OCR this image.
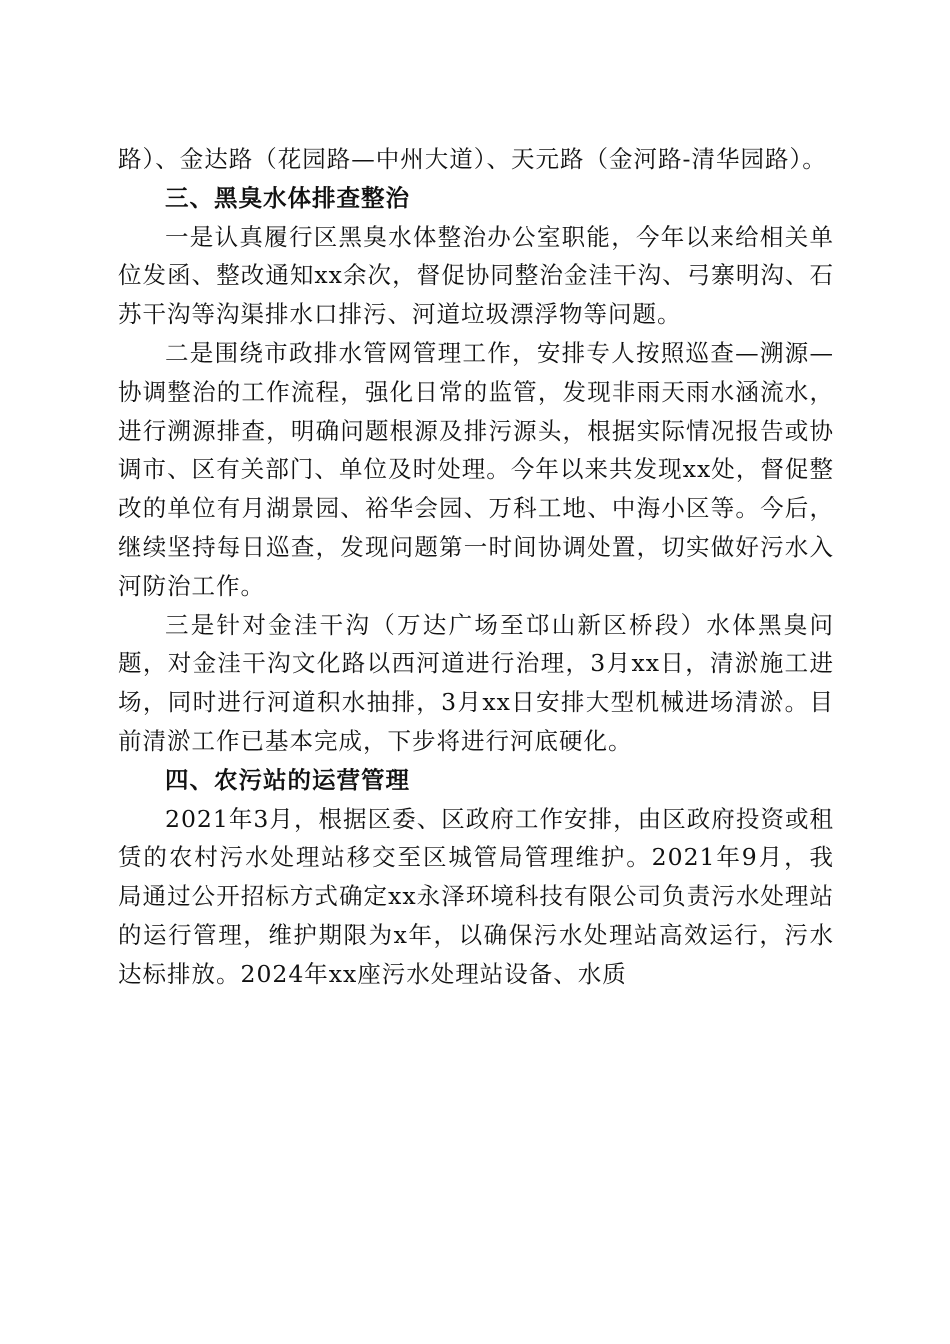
路）、金达路（花园路—中州大道）、天元路（金河路-清华园路）。

三、黑臭水体排查整治

一是认真履行区黑臭水体整治办公室职能，今年以来给相关单位发函、整改通知xx余次，督促协同整治金洼干沟、弓寨明沟、石苏干沟等沟渠排水口排污、河道垃圾漂浮物等问题。

二是围绕市政排水管网管理工作，安排专人按照巡查—溯源—协调整治的工作流程，强化日常的监管，发现非雨天雨水涵流水，进行溯源排查，明确问题根源及排污源头，根据实际情况报告或协调市、区有关部门、单位及时处理。今年以来共发现xx处，督促整改的单位有月湖景园、裕华会园、万科工地、中海小区等。今后，继续坚持每日巡查，发现问题第一时间协调处置，切实做好污水入河防治工作。

三是针对金洼干沟（万达广场至邙山新区桥段）水体黑臭问题，对金洼干沟文化路以西河道进行治理，3月xx日，清淤施工进场，同时进行河道积水抽排，3月xx日安排大型机械进场清淤。目前清淤工作已基本完成，下步将进行河底硬化。

四、农污站的运营管理

2021年3月，根据区委、区政府工作安排，由区政府投资或租赁的农村污水处理站移交至区城管局管理维护。2021年9月，我局通过公开招标方式确定xx永泽环境科技有限公司负责污水处理站的运行管理，维护期限为x年，以确保污水处理站高效运行，污水达标排放。2024年xx座污水处理站设备、水质
